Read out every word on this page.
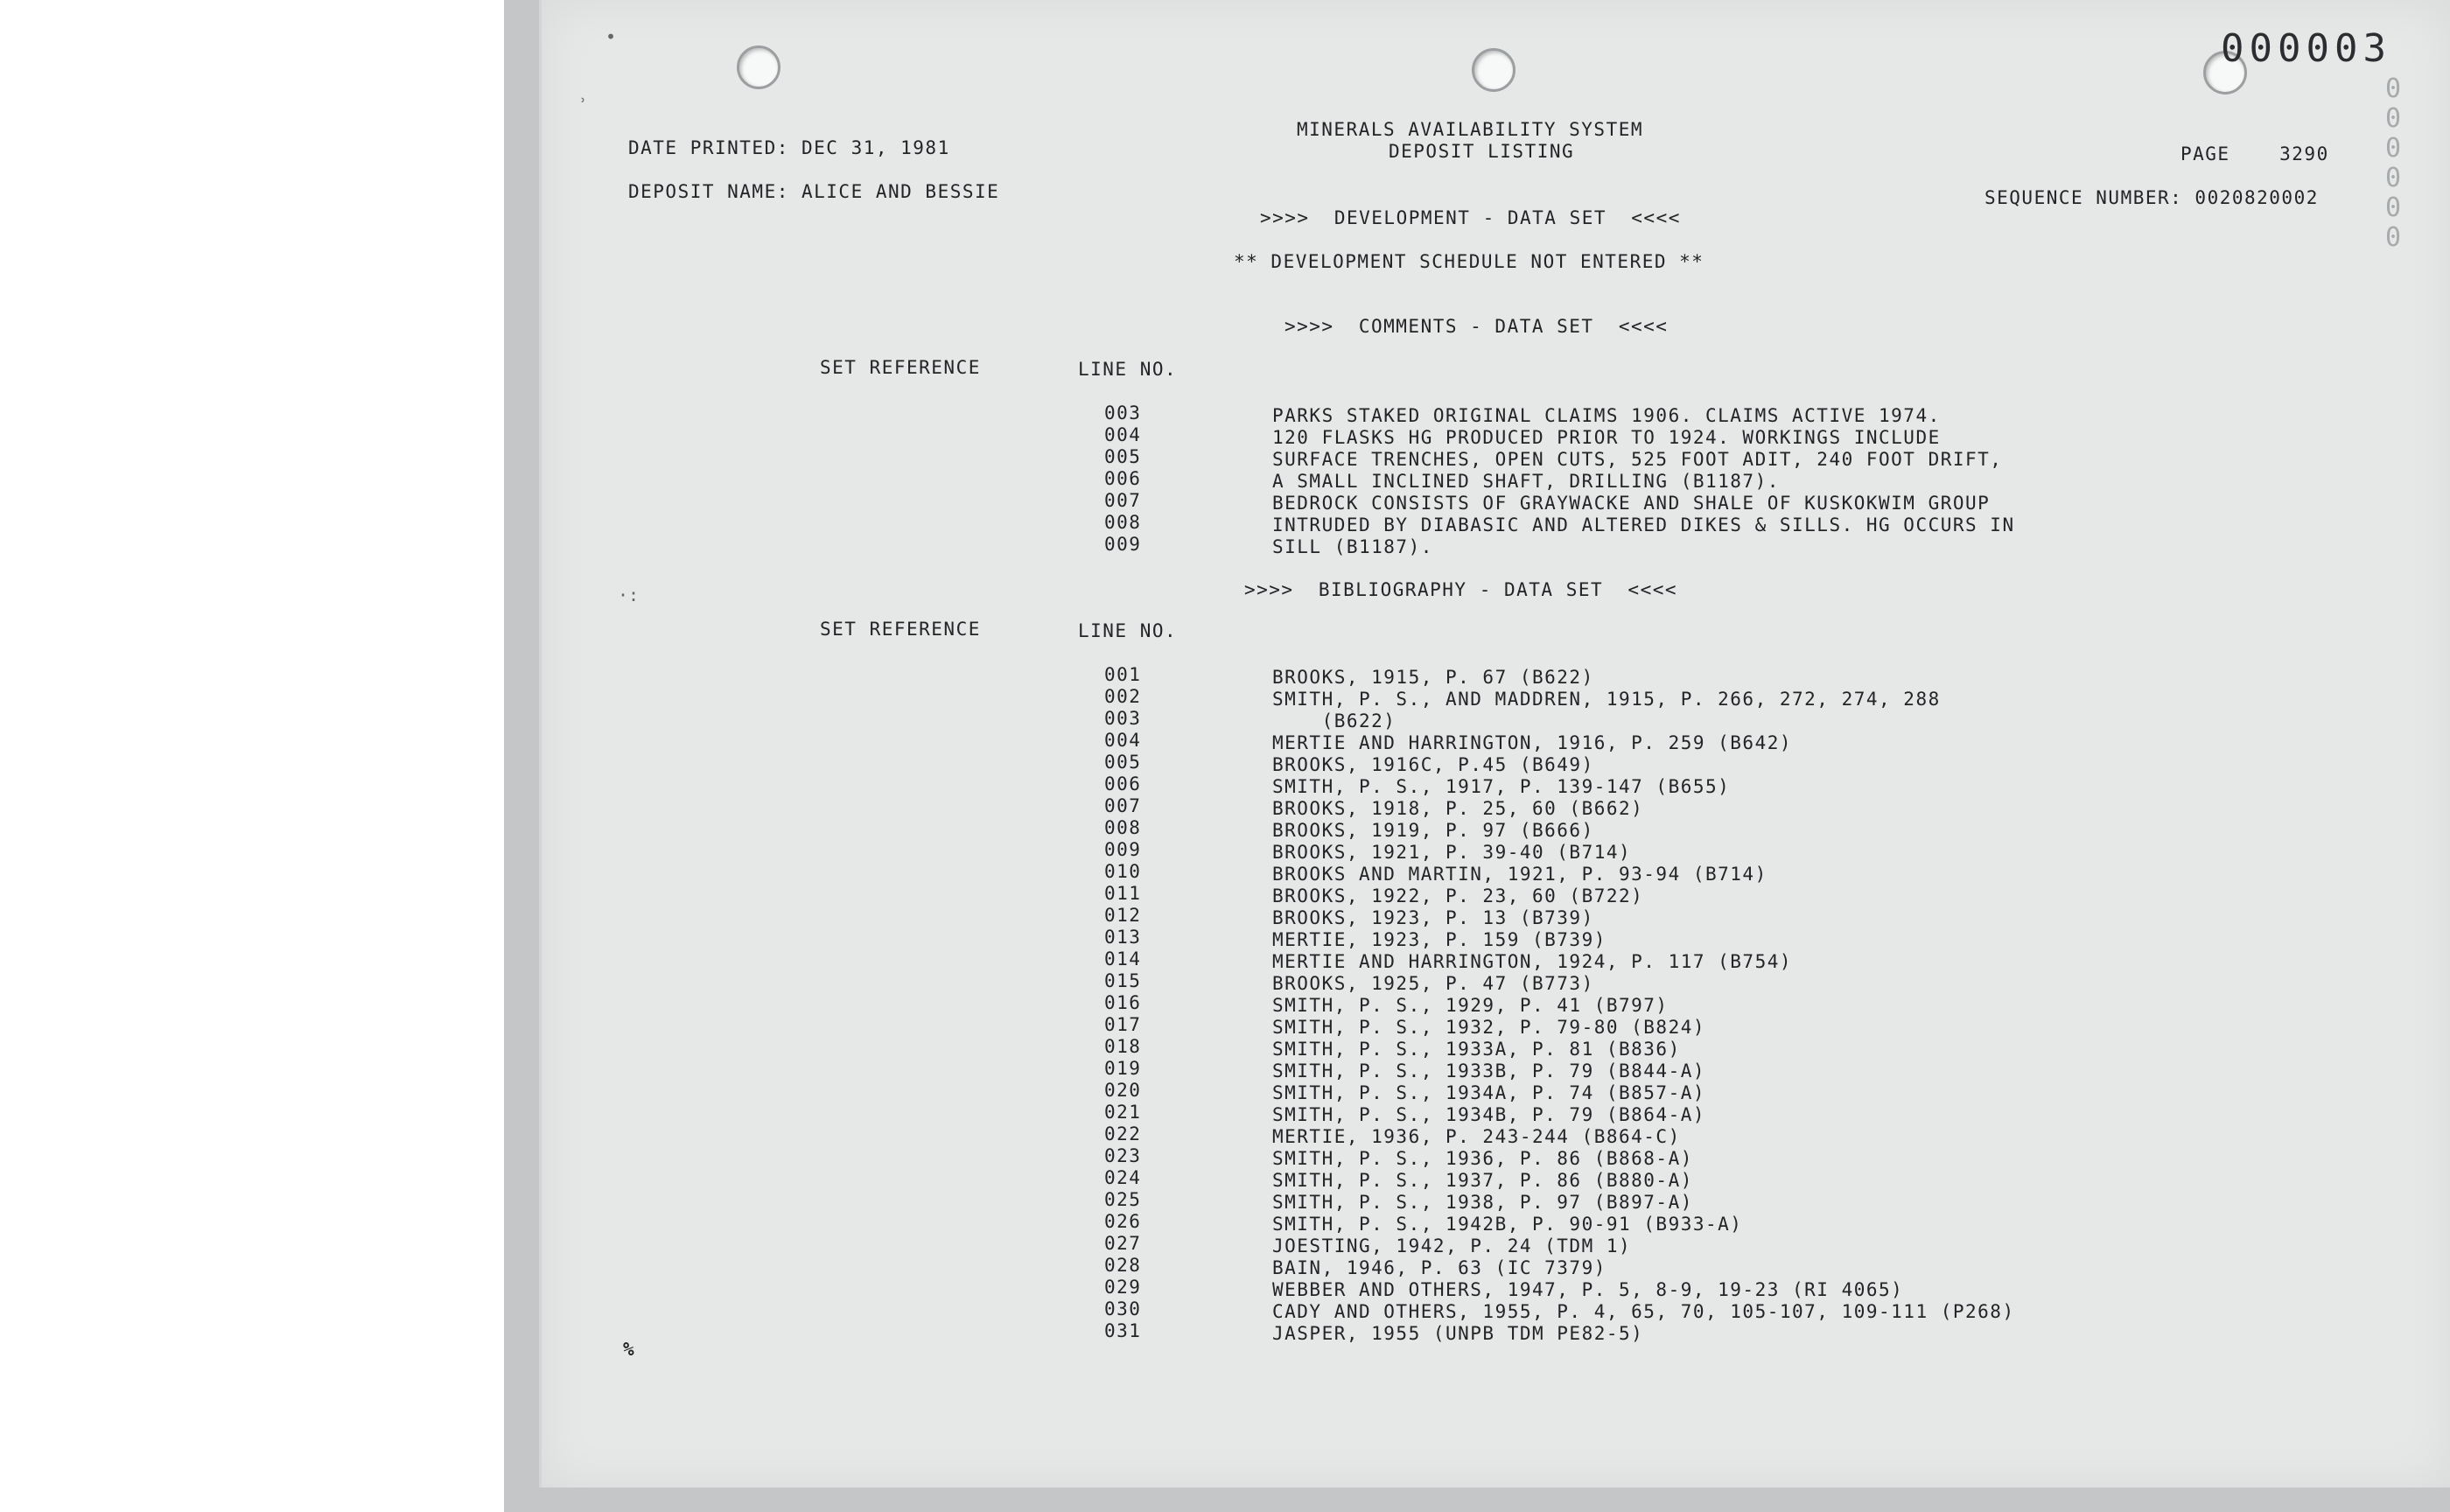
000003
000000
•
ʾ
·:
DATE PRINTED: DEC 31, 1981
DEPOSIT NAME: ALICE AND BESSIE
MINERALS AVAILABILITY SYSTEM
DEPOSIT LISTING	PAGE    3290
SEQUENCE NUMBER: 0020820002
>>>>  DEVELOPMENT - DATA SET  <<<<
** DEVELOPMENT SCHEDULE NOT ENTERED **
>>>>  COMMENTS - DATA SET  <<<<
SET REFERENCE	LINE NO.
003	PARKS STAKED ORIGINAL CLAIMS 1906. CLAIMS ACTIVE 1974.
004	120 FLASKS HG PRODUCED PRIOR TO 1924. WORKINGS INCLUDE
005	SURFACE TRENCHES, OPEN CUTS, 525 FOOT ADIT, 240 FOOT DRIFT,
006	A SMALL INCLINED SHAFT, DRILLING (B1187).
007	BEDROCK CONSISTS OF GRAYWACKE AND SHALE OF KUSKOKWIM GROUP
008	INTRUDED BY DIABASIC AND ALTERED DIKES & SILLS. HG OCCURS IN
009	SILL (B1187).
>>>>  BIBLIOGRAPHY - DATA SET  <<<<
SET REFERENCE	LINE NO.
001	BROOKS, 1915, P. 67 (B622)
002	SMITH, P. S., AND MADDREN, 1915, P. 266, 272, 274, 288
003	(B622)
004	MERTIE AND HARRINGTON, 1916, P. 259 (B642)
005	BROOKS, 1916C, P.45 (B649)
006	SMITH, P. S., 1917, P. 139-147 (B655)
007	BROOKS, 1918, P. 25, 60 (B662)
008	BROOKS, 1919, P. 97 (B666)
009	BROOKS, 1921, P. 39-40 (B714)
010	BROOKS AND MARTIN, 1921, P. 93-94 (B714)
011	BROOKS, 1922, P. 23, 60 (B722)
012	BROOKS, 1923, P. 13 (B739)
013	MERTIE, 1923, P. 159 (B739)
014	MERTIE AND HARRINGTON, 1924, P. 117 (B754)
015	BROOKS, 1925, P. 47 (B773)
016	SMITH, P. S., 1929, P. 41 (B797)
017	SMITH, P. S., 1932, P. 79-80 (B824)
018	SMITH, P. S., 1933A, P. 81 (B836)
019	SMITH, P. S., 1933B, P. 79 (B844-A)
020	SMITH, P. S., 1934A, P. 74 (B857-A)
021	SMITH, P. S., 1934B, P. 79 (B864-A)
022	MERTIE, 1936, P. 243-244 (B864-C)
023	SMITH, P. S., 1936, P. 86 (B868-A)
024	SMITH, P. S., 1937, P. 86 (B880-A)
025	SMITH, P. S., 1938, P. 97 (B897-A)
026	SMITH, P. S., 1942B, P. 90-91 (B933-A)
027	JOESTING, 1942, P. 24 (TDM 1)
028	BAIN, 1946, P. 63 (IC 7379)
029	WEBBER AND OTHERS, 1947, P. 5, 8-9, 19-23 (RI 4065)
030	CADY AND OTHERS, 1955, P. 4, 65, 70, 105-107, 109-111 (P268)
031	JASPER, 1955 (UNPB TDM PE82-5)
%
